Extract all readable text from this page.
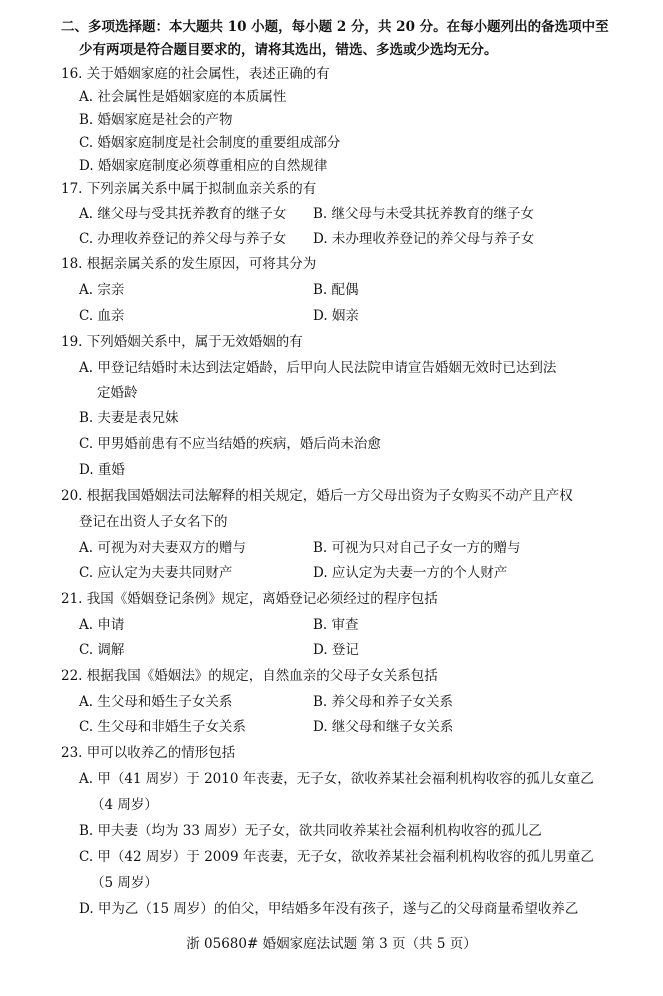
二、多项选择题：本大题共 10 小题，每小题 2 分，共 20 分。在每小题列出的备选项中至
少有两项是符合题目要求的，请将其选出，错选、多选或少选均无分。
16. 关于婚姻家庭的社会属性，表述正确的有
A. 社会属性是婚姻家庭的本质属性
B. 婚姻家庭是社会的产物
C. 婚姻家庭制度是社会制度的重要组成部分
D. 婚姻家庭制度必须尊重相应的自然规律
17. 下列亲属关系中属于拟制血亲关系的有
A. 继父母与受其抚养教育的继子女 B. 继父母与未受其抚养教育的继子女
C. 办理收养登记的养父母与养子女 D. 未办理收养登记的养父母与养子女
18. 根据亲属关系的发生原因，可将其分为
A. 宗亲	B. 配偶
C. 血亲	D. 姻亲
19. 下列婚姻关系中，属于无效婚姻的有
A. 甲登记结婚时未达到法定婚龄，后甲向人民法院申请宣告婚姻无效时已达到法
定婚龄
B. 夫妻是表兄妹
C. 甲男婚前患有不应当结婚的疾病，婚后尚未治愈
D. 重婚
20. 根据我国婚姻法司法解释的相关规定，婚后一方父母出资为子女购买不动产且产权
登记在出资人子女名下的
A. 可视为对夫妻双方的赠与	B. 可视为只对自己子女一方的赠与
C. 应认定为夫妻共同财产	D. 应认定为夫妻一方的个人财产
21. 我国《婚姻登记条例》规定，离婚登记必须经过的程序包括
A. 申请	B. 审查
C. 调解	D. 登记
22. 根据我国《婚姻法》的规定，自然血亲的父母子女关系包括
A. 生父母和婚生子女关系	B. 养父母和养子女关系
C. 生父母和非婚生子女关系	D. 继父母和继子女关系
23. 甲可以收养乙的情形包括
A. 甲（41 周岁）于 2010 年丧妻，无子女，欲收养某社会福利机构收容的孤儿女童乙
（4 周岁）
B. 甲夫妻（均为 33 周岁）无子女，欲共同收养某社会福利机构收容的孤儿乙
C. 甲（42 周岁）于 2009 年丧妻，无子女，欲收养某社会福利机构收容的孤儿男童乙
（5 周岁）
D. 甲为乙（15 周岁）的伯父，甲结婚多年没有孩子，遂与乙的父母商量希望收养乙
浙 05680# 婚姻家庭法试题 第 3 页（共 5 页）
